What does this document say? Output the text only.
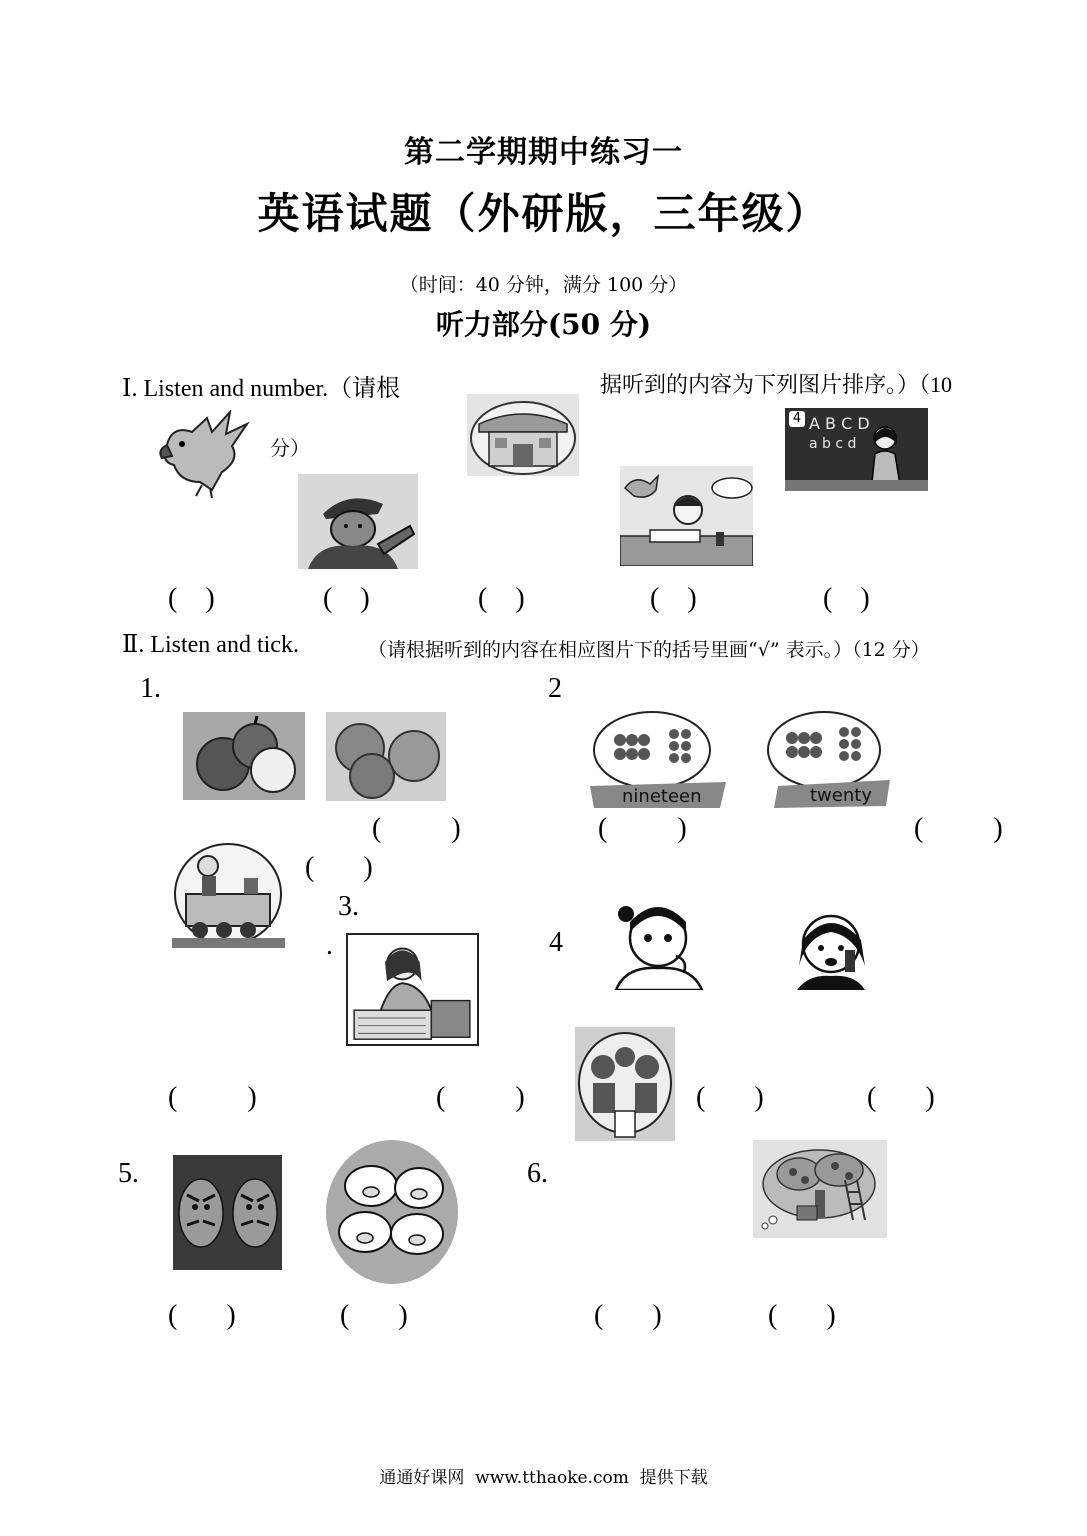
第二学期期中练习一
英语试题（外研版，三年级）
（时间：40 分钟，满分 100 分）
听力部分(50 分)
Ⅰ. Listen and number.（请根	据听到的内容为下列图片排序。）（10
分）
4 A B C D
a b c d
(    )	(    )	(    )	(    )	(    )
Ⅱ. Listen and tick.	（请根据听到的内容在相应图片下的括号里画“√” 表示。）（12 分）
1.	2
nineteen	twenty
(          )	(          )	(          )
(       )
3.
.	4
(          )	(          )	(       )	(       )
5.	6.
(       )	(       )	(       )	(       )
通通好课网  www.tthaoke.com  提供下载
